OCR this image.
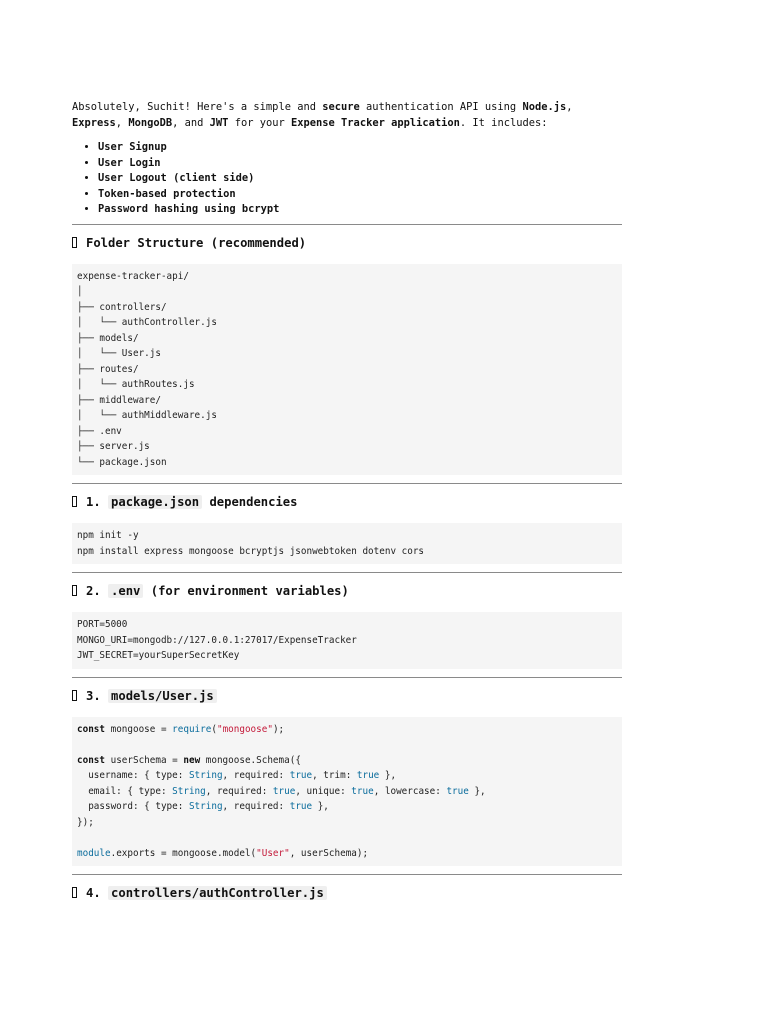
Absolutely, Suchit! Here's a simple and secure authentication API using Node.js,
Express, MongoDB, and JWT for your Expense Tracker application. It includes:

• User Signup
• User Login
• User Logout (client side)
• Token-based protection
• Password hashing using bcrypt
Folder Structure (recommended)
expense-tracker-api/
│
├── controllers/
│   └── authController.js
├── models/
│   └── User.js
├── routes/
│   └── authRoutes.js
├── middleware/
│   └── authMiddleware.js
├── .env
├── server.js
└── package.json
1. package.json dependencies
npm init -y
npm install express mongoose bcryptjs jsonwebtoken dotenv cors
2. .env (for environment variables)
PORT=5000
MONGO_URI=mongodb://127.0.0.1:27017/ExpenseTracker
JWT_SECRET=yourSuperSecretKey
3. models/User.js
const mongoose = require("mongoose");

const userSchema = new mongoose.Schema({
username: { type: String, required: true, trim: true },
email: { type: String, required: true, unique: true, lowercase: true },
password: { type: String, required: true },
});

module.exports = mongoose.model("User", userSchema);
4. controllers/authController.js
